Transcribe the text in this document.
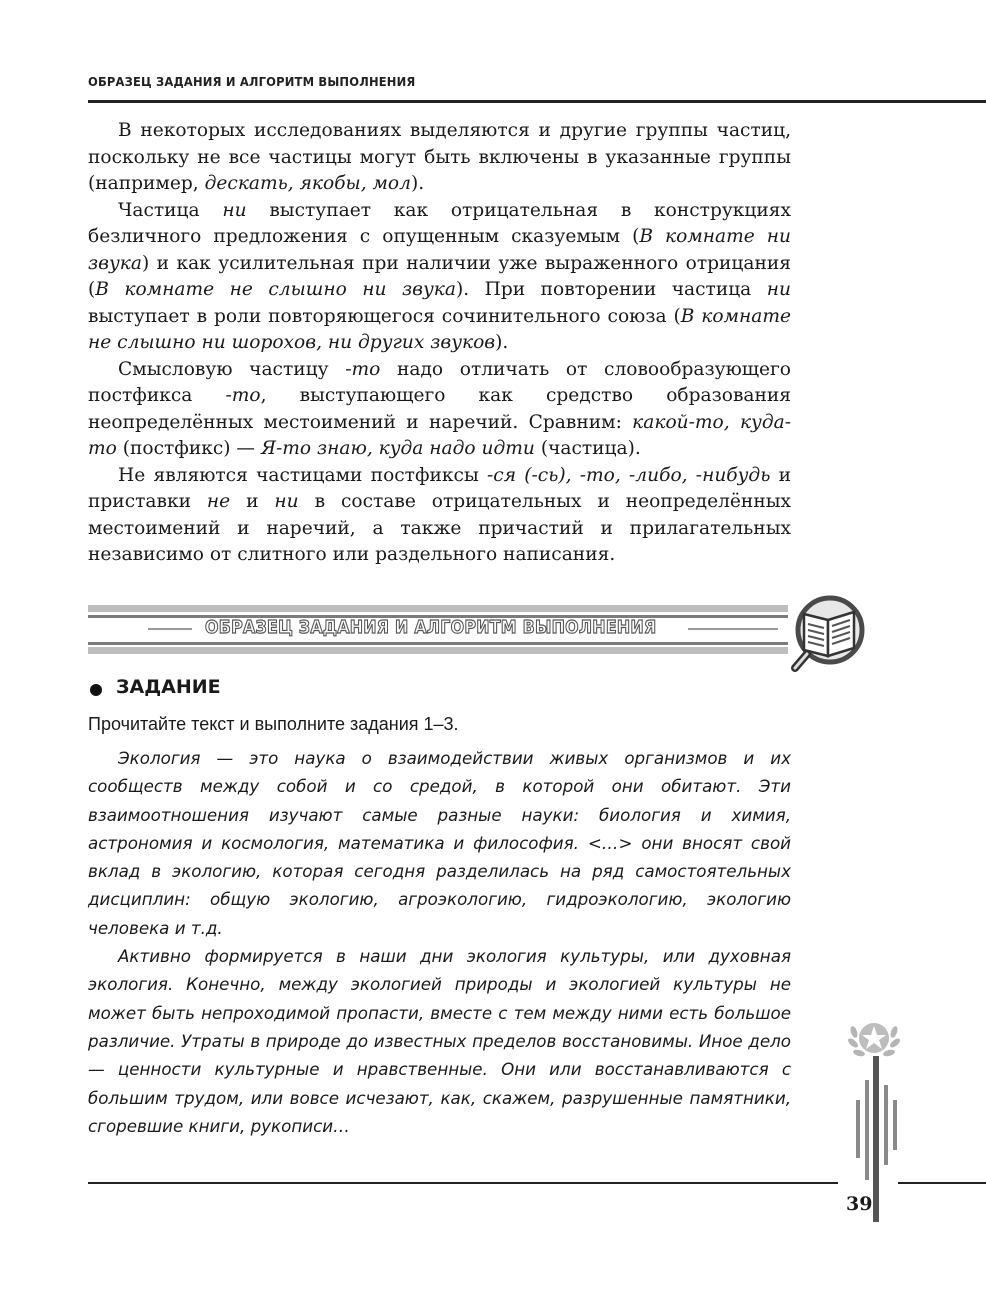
ОБРАЗЕЦ ЗАДАНИЯ И АЛГОРИТМ ВЫПОЛНЕНИЯ

В некоторых исследованиях выделяются и другие группы частиц, поскольку не все частицы могут быть включены в указанные группы (например, дескать, якобы, мол).

Частица ни выступает как отрицательная в конструкциях безличного предложения с опущенным сказуемым (В комнате ни звука) и как усилительная при наличии уже выраженного отрицания (В комнате не слышно ни звука). При повторении частица ни выступает в роли повторяющегося сочинительного союза (В комнате не слышно ни шорохов, ни других звуков).

Смысловую частицу -то надо отличать от словообразующего постфикса -то, выступающего как средство образования неопределённых местоимений и наречий. Сравним: какой-то, куда-то (постфикс) — Я-то знаю, куда надо идти (частица).

Не являются частицами постфиксы -ся (-сь), -то, -либо, -нибудь и приставки не и ни в составе отрицательных и неопределённых местоимений и наречий, а также причастий и прилагательных независимо от слитного или раздельного написания.

ОБРАЗЕЦ ЗАДАНИЯ И АЛГОРИТМ ВЫПОЛНЕНИЯ
ЗАДАНИЕ
Прочитайте текст и выполните задания 1–3.

Экология — это наука о взаимодействии живых организмов и их сообществ между собой и со средой, в которой они обитают. Эти взаимоотношения изучают самые разные науки: биология и химия, астрономия и космология, математика и философия. <…> они вносят свой вклад в экологию, которая сегодня разделилась на ряд самостоятельных дисциплин: общую экологию, агроэкологию, гидроэкологию, экологию человека и т.д.

Активно формируется в наши дни экология культуры, или духовная экология. Конечно, между экологией природы и экологией культуры не может быть непроходимой пропасти, вместе с тем между ними есть большое различие. Утраты в природе до известных пределов восстановимы. Иное дело — ценности культурные и нравственные. Они или восстанавливаются с большим трудом, или вовсе исчезают, как, скажем, разрушенные памятники, сгоревшие книги, рукописи…

39
